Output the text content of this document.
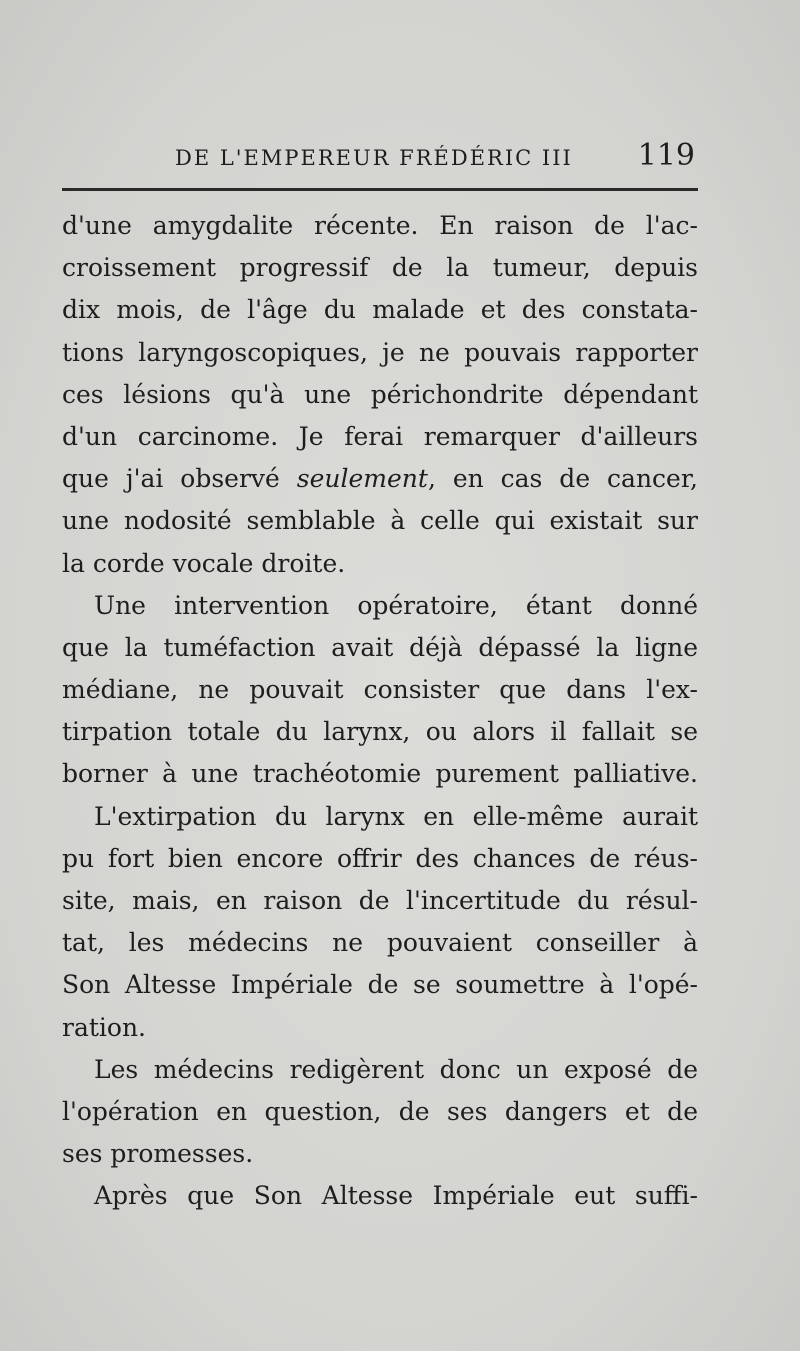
DE L'EMPEREUR FRÉDÉRIC III 119
d'une amygdalite récente. En raison de l'ac-
croissement progressif de la tumeur, depuis
dix mois, de l'âge du malade et des constata-
tions laryngoscopiques, je ne pouvais rapporter
ces lésions qu'à une périchondrite dépendant
d'un carcinome. Je ferai remarquer d'ailleurs
que j'ai observé seulement, en cas de cancer,
une nodosité semblable à celle qui existait sur
la corde vocale droite.
Une intervention opératoire, étant donné
que la tuméfaction avait déjà dépassé la ligne
médiane, ne pouvait consister que dans l'ex-
tirpation totale du larynx, ou alors il fallait se
borner à une trachéotomie purement palliative.
L'extirpation du larynx en elle-même aurait
pu fort bien encore offrir des chances de réus-
site, mais, en raison de l'incertitude du résul-
tat, les médecins ne pouvaient conseiller à
Son Altesse Impériale de se soumettre à l'opé-
ration.
Les médecins redigèrent donc un exposé de
l'opération en question, de ses dangers et de
ses promesses.
Après que Son Altesse Impériale eut suffi-
